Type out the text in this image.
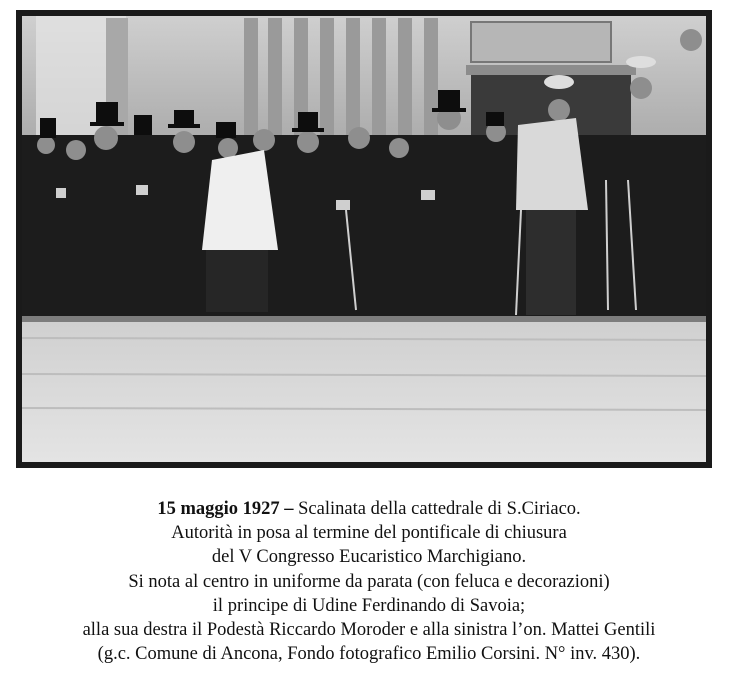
15 maggio 1927 – Scalinata della cattedrale di S.Ciriaco.
Autorità in posa al termine del pontificale di chiusura
del V Congresso Eucaristico Marchigiano.
Si nota al centro in uniforme da parata (con feluca e decorazioni)
il principe di Udine Ferdinando di Savoia;
alla sua destra il Podestà Riccardo Moroder e alla sinistra l’on. Mattei Gentili
(g.c. Comune di Ancona, Fondo fotografico Emilio Corsini. N° inv. 430).
